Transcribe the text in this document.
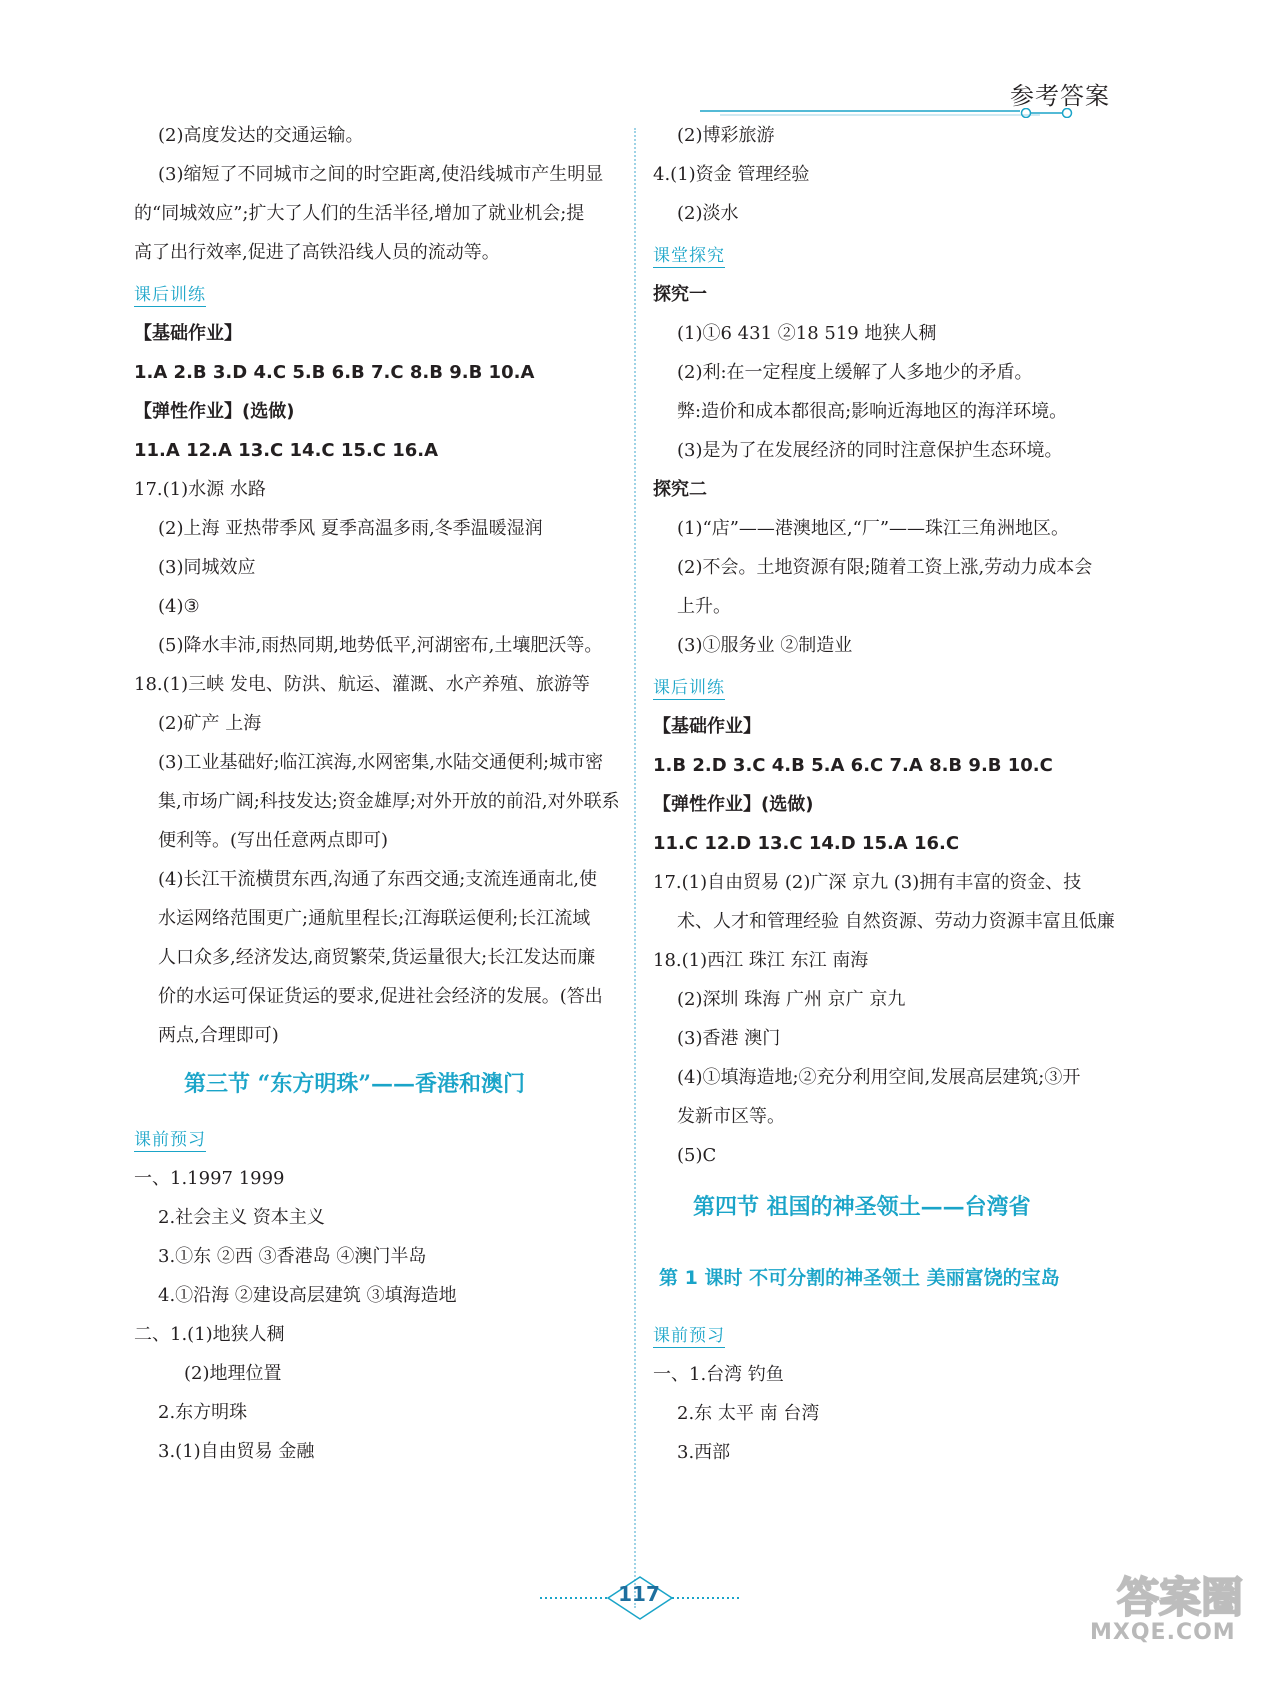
参考答案
(2)高度发达的交通运输。
(3)缩短了不同城市之间的时空距离,使沿线城市产生明显
的“同城效应”;扩大了人们的生活半径,增加了就业机会;提
高了出行效率,促进了高铁沿线人员的流动等。
课后训练
【基础作业】
1.A 2.B 3.D 4.C 5.B 6.B 7.C 8.B 9.B 10.A
【弹性作业】(选做)
11.A 12.A 13.C 14.C 15.C 16.A
17.(1)水源 水路
(2)上海 亚热带季风 夏季高温多雨,冬季温暖湿润
(3)同城效应
(4)③
(5)降水丰沛,雨热同期,地势低平,河湖密布,土壤肥沃等。
18.(1)三峡 发电、防洪、航运、灌溉、水产养殖、旅游等
(2)矿产 上海
(3)工业基础好;临江滨海,水网密集,水陆交通便利;城市密
集,市场广阔;科技发达;资金雄厚;对外开放的前沿,对外联系
便利等。(写出任意两点即可)
(4)长江干流横贯东西,沟通了东西交通;支流连通南北,使
水运网络范围更广;通航里程长;江海联运便利;长江流域
人口众多,经济发达,商贸繁荣,货运量很大;长江发达而廉
价的水运可保证货运的要求,促进社会经济的发展。(答出
两点,合理即可)
第三节 “东方明珠”——香港和澳门
课前预习
一、1.1997 1999
2.社会主义 资本主义
3.①东 ②西 ③香港岛 ④澳门半岛
4.①沿海 ②建设高层建筑 ③填海造地
二、1.(1)地狭人稠
(2)地理位置
2.东方明珠
3.(1)自由贸易 金融
(2)博彩旅游
4.(1)资金 管理经验
(2)淡水
课堂探究
探究一
(1)①6 431 ②18 519 地狭人稠
(2)利:在一定程度上缓解了人多地少的矛盾。
弊:造价和成本都很高;影响近海地区的海洋环境。
(3)是为了在发展经济的同时注意保护生态环境。
探究二
(1)“店”——港澳地区,“厂”——珠江三角洲地区。
(2)不会。土地资源有限;随着工资上涨,劳动力成本会
上升。
(3)①服务业 ②制造业
课后训练
【基础作业】
1.B 2.D 3.C 4.B 5.A 6.C 7.A 8.B 9.B 10.C
【弹性作业】(选做)
11.C 12.D 13.C 14.D 15.A 16.C
17.(1)自由贸易 (2)广深 京九 (3)拥有丰富的资金、技
术、人才和管理经验 自然资源、劳动力资源丰富且低廉
18.(1)西江 珠江 东江 南海
(2)深圳 珠海 广州 京广 京九
(3)香港 澳门
(4)①填海造地;②充分利用空间,发展高层建筑;③开
发新市区等。
(5)C
第四节 祖国的神圣领土——台湾省
第 1 课时 不可分割的神圣领土 美丽富饶的宝岛
课前预习
一、1.台湾 钓鱼
2.东 太平 南 台湾
3.西部
117	答案圈
MXQE.COM
